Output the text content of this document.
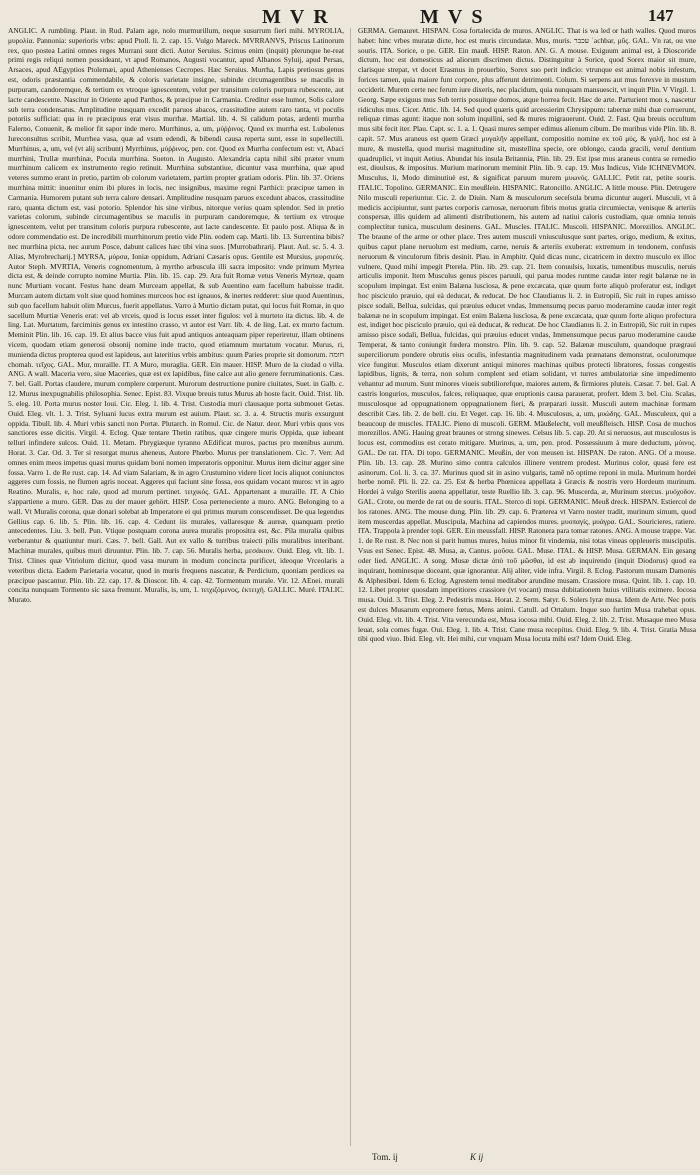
MVR	MVS	147

ANGLIC. A rumbling. Plaut. in Rud. Palam age, nolo murmurillum, neque susurrum fieri mihi. MYROLIA, μυρολία. Pannonia: superioris vrbs: apud Ptoll. li. 2. cap. 15. Vulgo Mareck. MVRRANVS, Priscus Latinorum rex, quo postea Latini omnes reges Murrani sunt dicti. Autor Seruius. Scimus enim (inquit) plerunque he-reat primi regis reliqui nomen possideant, vt apud Romanos, Augusti vocantur, apud Albanos Syluij, apud Persas, Arsaces, apud AEgyptios Ptolemæi, apud Athenienses Cecropes. Hæc Seruius. Murrha, Lapis pretiosus genus est, odoris præstantia commendabile, & coloris varietate insigne, subinde circumagentibus se maculis in purpuram, candoremque, & tertium ex vtroque ignescentem, velut per transitum coloris purpura rubescente, aut lacte candescente. Nascitur in Oriente apud Parthos, & præcipue in Carmania. Creditur esse humor, Solis calore sub terra condensatus. Amplitudine nusquam excedit paruos abacos, crassitudine autem raro tanta, vt poculis potoriis sufficiat: qua in re præcipuus erat visus murrhæ. Martial. lib. 4. Si calidum potas, ardenti murrha Falerno, Conuenit, & melior fit sapor inde mero. Murrhinus, a, um, μύῤῥινος. Quod ex murrha est. Lubolenus Iureconsultus scribit, Murrhea vasa, quæ ad vsum edendi, & bibendi causa reperta sunt, esse in supellectili. Murrhinus, a, um, vel (vt alij scribunt) Myrrhinus, μύῤῥινος, pen. cor. Quod ex Murrha confectum est: vt, Abaci murrhini, Trullæ murrhinæ, Pocula murrhina. Sueton. in Augusto. Alexandria capta nihil sibi præter vnum murrhinum calicem ex instrumento regio retinuit. Murrhina substantiue, dicuntur vasa murrhina, quæ apud veteres summo erant in pretio, partim ob colorum varietatem, partim propter gratiam odoris. Plin. lib. 37. Oriens murrhina mittit: inuenitur enim ibi plures in locis, nec insignibus, maxime regni Parthici: præcipue tamen in Carmania. Humorem putant sub terra calore densari. Amplitudine nusquam paruos excedunt abacos, crassitudine raro, quanta dictum est, vasi potorio. Splendor his sine viribus, nitorque verius quam splendor. Sed in pretio varietas colorum, subinde circumagentibus se maculis in purpuram candoremque, & tertium ex vtroque ignescentem, velut per transitum coloris purpura rubescente, aut lacte candescente. Et paulo post. Aliqua & in odore commendatio est. De incredibili murrhinorum pretio vide Plin. eodem cap. Marti. lib. 13. Surrentina bibis? nec murrhina picta, nec aurum Posce, dabunt calices hæc tibi vina suos. [Murrobathrarij. Plaut. Aul. sc. 5. 4. 3. Alias, Myrobrecharij.] MYRSA, μύρσα, Ioniæ oppidum, Adriani Cæsaris opus. Gentile est Mursius, μυρσιεύς. Autor Steph. MVRTIA, Veneris cognomentum, à myrtho arbuscula illi sacra imposito: vnde primum Myrtea dicta est, & deinde corrupto nomine Murtia. Plin. lib. 15. cap. 29. Ara fuit Romæ vetus Veneris Myrteæ, quam nunc Murtiam vocant. Festus hanc deam Murceam appellat, & sub Auentino eam facellum habuisse tradit. Murcam autem dictam volt siue quod homines murceos hoc est ignauos, & inertes redderet: siue quod Auentinus, sub quo facellum habuit olim Murcus, fuerit appellatus. Varro à Murtio dictam putat, qui locus fuit Romæ, in quo sacellum Murtiæ Veneris erat: vel ab vrceis, quod is locus esset inter figulos: vel à murteto ita dictus. lib. 4. de ling. Lat. Murtatum, farciminis genus ex intestino crasso, vt autor est Varr. lib. 4. de ling. Lat. ex murto factum. Meminit Plin. lib. 16. cap. 19. Et alius bacce vius fuit apud antiquos anteaquam piper reperiretur, illam obtinens vicem, quodam etiam generosi obsonij nomine inde tracto, quod etiamnum murtatum vocatur. Murus, ri, munienda dictus propterea quod est lapideus, aut lateritius vrbis ambitus: quum Paries proprie sit domorum. חומה chomah. τεῖχος. GAL. Mur, muraille. IT. A Muro, muraglia. GER. Ein mauer. HISP. Muro de la ciudad o villa. ANG. A wall. Maceria vero, siue Maceries, quæ est ex lapidibus, fine calce aut alio genere ferruminationis. Cæs. 7. bel. Gall. Portas claudere, murum complere cœperunt. Murorum destructione punire ciuitates, Suet. in Galb. c. 12. Murus inexpugnabilis philosophia. Senec. Epist. 83. Vixque breuis tutus Murus ab hoste facit. Ouid. Trist. lib. 5. eleg. 10. Porta murus noster Ioui. Cic. Eleg. 1. lib. 4. Trist. Custodia muri clausaque porta submouet Getas. Ouid. Eleg. vlt. 1. 3. Trist. Syluani lucus extra murum est auium. Plaut. sc. 3. a. 4. Structis muris exsurgunt oppida. Tibull. lib. 4. Muri vrbis sancti non Portæ. Plutarch. in Romul. Cic. de Natur. deor. Muri vrbis quos vos sanctiores esse dicitis. Virgil. 4. Eclog. Quæ tentare Thetin ratibus, quæ cingere muris Oppida, quæ iubeant telluri infindere sulcos. Ouid. 11. Metam. Phrygiæque tyranno AEdificat muros, pactus pro mœnibus aurum. Horat. 3. Car. Od. 3. Ter si resurgat murus aheneus, Autore Phœbo. Murus per translationem. Cic. 7. Verr. Ad omnes enim meos impetus quasi murus quidam boni nomen imperatoris opponitur. Murus item dicitur agger sine fossa. Varro 1. de Re rust. cap. 14. Ad viam Salariam, & in agro Crustumino videre licet locis aliquot coniunctos aggeres cum fossis, ne flumen agris noceat. Aggeres qui faciunt sine fossa, eos quidam vocant muros: vt in agro Reatino. Muralis, e, hoc rale, quod ad murum pertinet. τειχικός. GAL. Appartenant a muraille. IT. A Chio s'appartiene a muro. GER. Das zu der mauer gehört. HISP. Cosa perteneciente a muro. ANG. Belonging to a wall. Vt Muralis corona, quæ donari solebat ab Imperatore ei qui primus murum conscendisset. De qua legendus Gellius cap. 6. lib. 5. Plin. lib. 16. cap. 4. Cedunt iis murales, vallaresque & aureæ, quanquam pretio antecedentes. Liu. 3. bell. Pun. Vtique postquam corona aurea muralis propositra est, &c. Pila muralia quibus verberantur & quatiuntur muri. Cæs. 7. bell. Gall. Aut ex vallo & turribus traiecti pilis muralibus interibant. Machinæ murales, quibus muri diruuntur. Plin. lib. 7. cap. 56. Muralis herba, μεσάκιον. Ouid. Eleg. vlt. lib. 1. Trist. Clines quæ Vitriolum dicitur, quod vasa murum in modum concincta purificet, ideoque Vrceolaris a veteribus dicta. Eadem Parietaria vocatur, quod in muris frequens nascatur, & Perdicium, quoniam perdices ea præcipue pascantur. Plin. lib. 22. cap. 17. & Dioscor. lib. 4. cap. 42. Tormentum murale. Vir. 12. AEnei. murali concita nunquam Tormento sic saxa fremunt. Muralis, is, um, 1. τειχιζόμενος, ἐκτειχή. GALLIC. Muré. ITALIC. Murato.

GERMA. Gemauret. HISPAN. Cosa fortalecida de muros. ANGLIC. That is wa led or hath walles. Quod muros habet: hinc vrbes muratæ dicte, hoc est muris circundatæ. Mus, muris. עכבר ʿachbar, μῦς. GAL. Vn rat, ou vne souris. ITA. Sorice, o pe. GER. Ein mauß. HISP. Raton. AN. G. A mouse. Exiguum animal est, à Dioscoride dictum, hoc est domesticus ad aliorum discrimen dictus. Distinguitur à Sorice, quod Sorex maior sit mure, clarisque strepat, vt docet Erasmus in prouerbio, Sorex suo perit indicio: vtrunque est animal nobis infestum, forices tamen, quia maiore funt corpore, plus afferunt detrimenti. Colum. Si serpens aut mus forexve in mustum occiderit. Murem certe nec ferum iure dixeris, nec placidum, quia nunquam mansuescit, vt inquit Plin. V Virgil. 1. Georg. Sæpe exiguus mus Sub terris posuitque domos, atque horrea fecit. Hæc de arte. Parturient mon s, nascetur ridiculus mus. Cicer. Attic. lib. 14. Sed quod quæris quid arcessierim Chrysippum: tabernæ mihi duæ corruerunt, reliquæ rimas agunt: itaque non solum inquilini, sed & mures migrauerunt. Ouid. 2. Fast. Qua breuis occultum mus sibi fecit iter. Plau. Capt. sc. 1. a. 1. Quasi mures semper edimus alienum cibum. De muribus vide Plin. lib. 8. capit. 57. Mus araneus est quem Græci μυγαλῆν appellant, compositio nomine ex τοῦ μύς, & γαλῆ, hoc est à mure, & mustella, quod murisi magnitudine sit, mustellina specie, ore oblongo, cauda gracili, veruſ dentium quadruplici, vt inquit Aetius. Abundat his insula Britannia, Plin. lib. 29. Est ipse mus araneus contra se remedio est, diuulsus, & impositus. Murium marinorum meminit Plin. lib. 9. cap. 19. Mus Indicus, Vide ICHNEVMON. Musculus, li, Modo diminutiuè est, & significat paruum murem μυωνός. GALLIC. Petit rat, petite souris. ITALIC. Topolino. GERMANIC. Ein meußlein. HISPANIC. Ratoncillo. ANGLIC. A little mouse. Plin. Detrugere Nilo musculi reperiuntur. Cic. 2. de Diuin. Nam & musculorum seceſsula bruma dicuntur augeri. Musculi, vt à medicis accipiuntur, sunt partes corporis carnosæ, neruorum fibris motus gratia circumiectæ, venisque & arteriis conspersæ, illis quidem ad alimenti distributionem, his autem ad natiui caloris custodiam, quæ omnia tenuis complectitur tunica, musculum desinens. GAL. Muscles. ITALIC. Muscoli. HISPANIC. Morezillos. ANGLIC. The braune of the arme or other place. Tres autem musculi vniusculusque sunt partes, origo, medium, & exitus, quibus caput plane neruolum est medium, carne, neruis & arteriis exuberat: extremum in tendonem, confusis neruorum & vinculorum fibris desinit. Plau. in Amphitr. Quid dicas nunc, cicatricem in dextro musculo ex illoc vulnere, Quod mihi impegit Pterela. Plin. lib. 29. cap. 21. Item conuulsis, luxatis, tumentibus musculis, neruis articulis imponit. Item Musculus genus pisces paruuli, qui parua modes runtme caudæ inter regit balænæ ne in scopulum impingat. Est enim Balæna luscìosa, & pene excæcata, quæ quum forte aliquò proferatur est, indiget hoc pisciculo præuio, qui eà deducat, & reducat. De hoc Claudianus li. 2. in Eutropiū, Sic ruit in rupes amisso pisce sodali, Bellua, sulcidas, qui præuius educet vndas, Immensumq pecus paruo moderamine caudæ inter regit balænæ ne in scopulum impingat. Est enim Balæna luscìosa, & pene excæcata, quæ quum forte aliquo profectura est, indiget hoc pisciculo præuio, qui eà deducat, & reducat. De hoc Claudianus li. 2. in Eutropiū, Sic ruit in rupes amisso pisce sodali, Bellua, fulcidas, qui præuius educet vndas, Immensumque pecus paruo moderamine caudæ Temperat, & tanto coniungit fœdera monstro. Plin. lib. 9. cap. 52. Balænæ musculum, quandoque prægraui superciliorum pondere obrutis eius oculis, infestantia magnitudinem vada prænatans demonstrat, oculorumque vice fungitur. Musculos etiam dixerunt antiqui minores machinas quibus protecti libratores, fossas congestis lapidibus, lignis, & terra, non solum complent sed etiam solidant, vt turres ambulatoriæ sine impedimento vehantur ad murum. Sunt minores viueis subtiliorefque, maiores autem, & firmiores pluteis. Cæsar. 7. bel. Gal. A castris longurios, musculos, falces, reliquaque, quæ eruptionis causa parauerat, profert. Idem 3. bel. Ciu. Scalas, musculosque ad oppugnationem oppugnationem fieri, & præparari iussit. Musculi autem machinæ formam describit Cæs. lib. 2. de bell. ciu. Et Veget. cap. 16. lib. 4. Musculosus, a, um, μυώδης. GAL. Musculeux, qui a beaucoup de muscles. ITALIC. Pieno di muscoli. GERM. Mäußelecht, voll meußfleisch. HISP. Cosa de muchos morezillos. ANG. Hauing great braunes or strong sinewes. Celsus lib. 5. cap. 20. At si neruosus, aut musculosus is locus est, commodius est cerato mitigare. Murinus, a, um, pen. prod. Possessiuum à mure deductum, μύινος. GAL. De rat. ITA. Di topo. GERMANIC. Meußin, der von meusen ist. HISPAN. De raton. ANG. Of a mouse. Plin. lib. 13. cap. 28. Murino simo contra calculos illinere ventrem prodest. Murinus color, quasi fere est asinorum. Col. li. 3. ca. 37. Murinus quod sit in asino vulgaris, tamē nō optime reponi in mula. Murinum hordei herbe nomē. Pli. li. 22. ca. 25. Est & herba Phœnicea appellata à Græcis & nostris vero Hordeum murinum. Hordei à vulgo Sterilis auena appellatur, teste Ruellio lib. 3. cap. 96. Muscerda, æ, Murinum stercus. μυόχοδον. GAL. Crote, ou merde de rat ou de souris. ITAL. Sterco di topi. GERMANIC. Meuß dreck. HISPAN. Estiercol de los ratones. ANG. The mouse dung. Plin. lib. 29. cap. 6. Præterea vt Varro noster tradit, murinum simum, quod item muscerdas appellat. Muscipula, Machina ad capiendos mures. μυοπαγίς, μυάγρα. GAL. Souricieres, ratiere. ITA. Trappola à prender topi. GER. Ein meussfall. HISP. Ratonera para tomar ratones. ANG. A mouse trappe. Var. 1. de Re rust. 8. Nec non si parit humus mures, huius minor fit vindemia, nisi totas vineas oppleueris muscipulis. Vsus est Senec. Epist. 48. Musa, æ, Cantus. μοῦσα. GAL. Muse. ITAL. & HISP. Musa. GERMAN. Ein gesang oder lied. ANGLIC. A song. Musæ dictæ ἀπὸ τοῦ μῶσθαι, id est ab inquirendo (inquit Diodorus) quod ea inquirant, hominesque doceant, quæ ignorantur. Alij aliter, vide infra. Virgil. 8. Eclog. Pastorum musam Damonis & Alphesibœi. Idem 6. Eclog. Agrestem tenui meditabor arundine musam. Crassiore musa. Quint. lib. 1. cap. 10. 12. Libet propter quosdam imperitiores crassiore (vt vocant) musa dubitationem huius vtilitatis eximere. Iocosa musa. Ouid. 3. Trist. Eleg. 2. Pedestris musa. Horat. 2. Serm. Satyr. 6. Solers lyræ musa. Idem de Arte. Nec potis est dulces Musarum expromere fœtus, Mens animi. Catull. ad Ortalum. Inque suo furtim Musa trahebat opus. Ouid. Eleg. vlt. lib. 4. Trist. Vita verecunda est, Musa iocosa mihi. Ouid. Eleg. 2. lib. 2. Trist. Musaque meo Musa leuat, sola comes fugæ. Oui. Eleg. 1. lib. 4. Trist. Cane musa recepitus. Ouid. Eleg. 9. lib. 4. Trist. Gratia Musa tibi quod viuo. Ibid. Eleg. vlt. Hei mihi, cur vnquam Musa locuta mihi est? Idem Ouid. Eleg.

Tom. ij	K ij
